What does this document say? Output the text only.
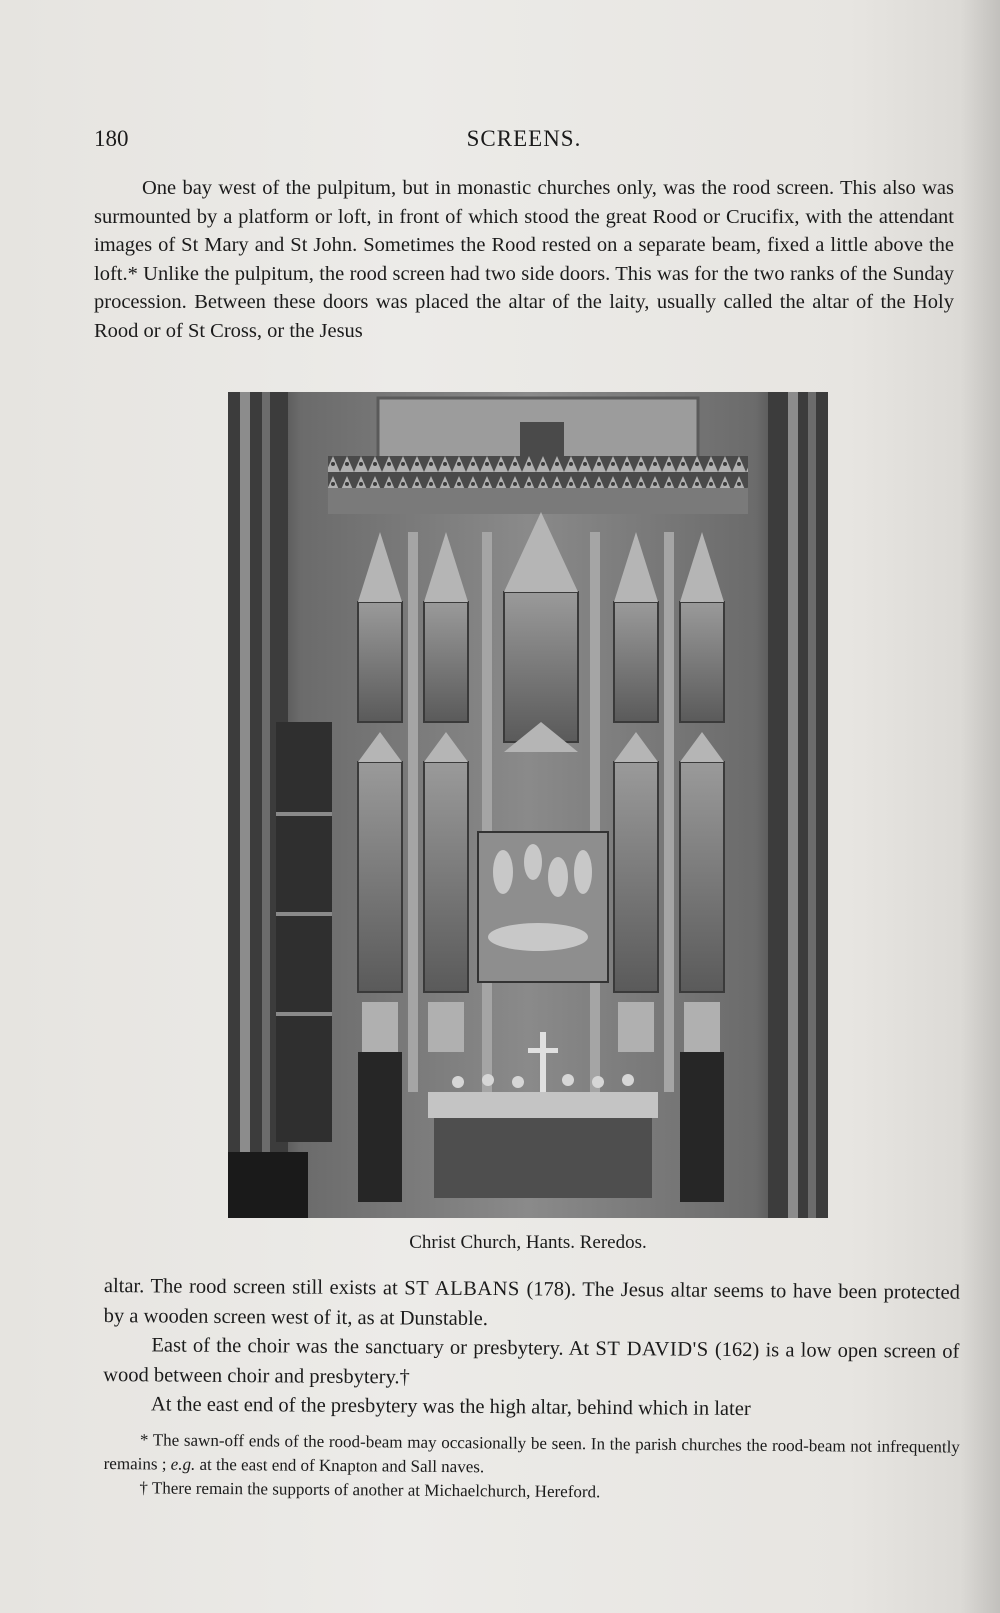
180	SCREENS.

One bay west of the pulpitum, but in monastic churches only, was the rood screen. This also was surmounted by a platform or loft, in front of which stood the great Rood or Crucifix, with the attendant images of St Mary and St John. Sometimes the Rood rested on a separate beam, fixed a little above the loft.* Unlike the pulpitum, the rood screen had two side doors. This was for the two ranks of the Sunday procession. Between these doors was placed the altar of the laity, usually called the altar of the Holy Rood or of St Cross, or the Jesus

Christ Church, Hants. Reredos.
altar. The rood screen still exists at ST ALBANS (178). The Jesus altar seems to have been protected by a wooden screen west of it, as at Dunstable.
East of the choir was the sanctuary or presbytery. At ST DAVID'S (162) is a low open screen of wood between choir and presbytery.†
At the east end of the presbytery was the high altar, behind which in later

* The sawn-off ends of the rood-beam may occasionally be seen. In the parish churches the rood-beam not infrequently remains ; e.g. at the east end of Knapton and Sall naves.

† There remain the supports of another at Michaelchurch, Hereford.
